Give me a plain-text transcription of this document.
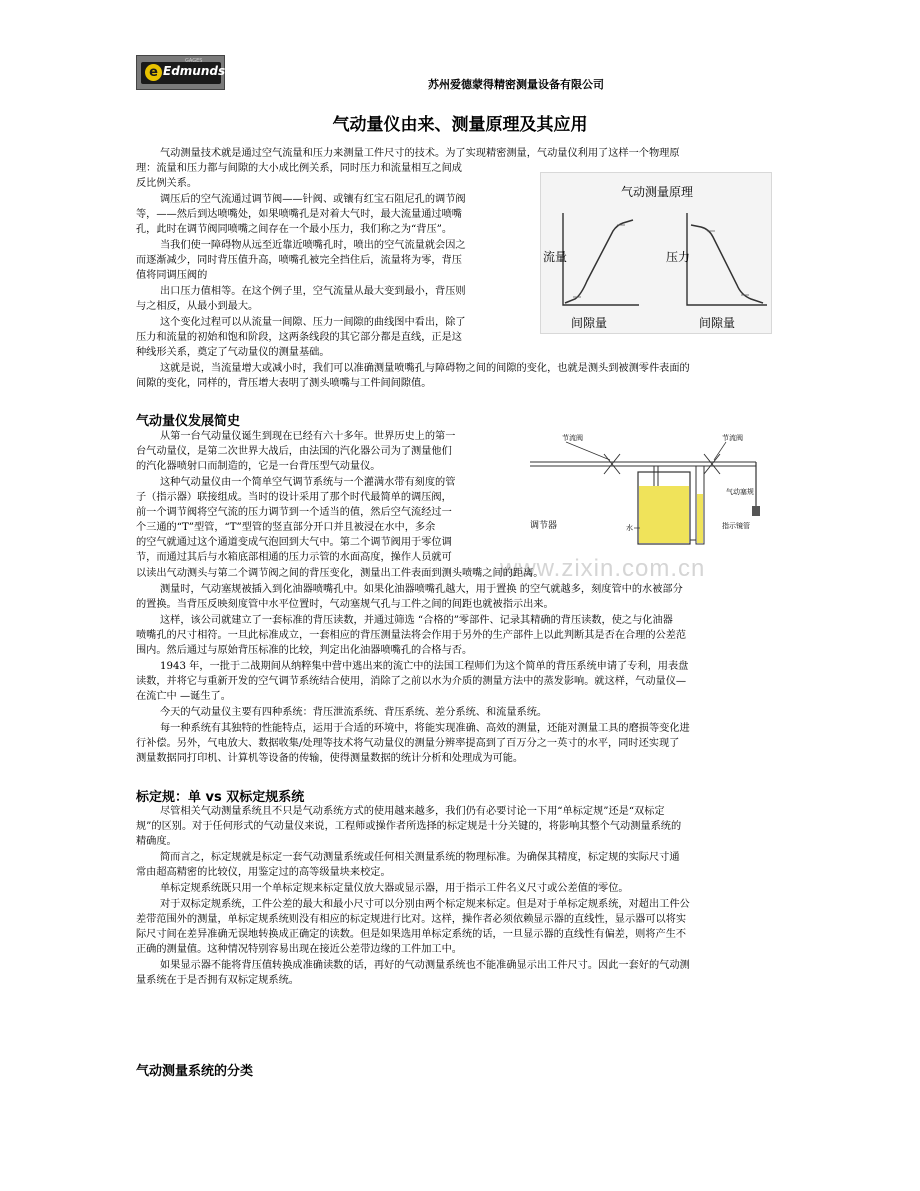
e
GAGES
Edmunds
苏州爱德蒙得精密测量设备有限公司
气动量仪由来、测量原理及其应用
气动测量技术就是通过空气流量和压力来测量工件尺寸的技术。为了实现精密测量，气动量仪利用了这样一个物理原
理：流量和压力都与间隙的大小成比例关系，同时压力和流量相互之间成
反比例关系。
调压后的空气流通过调节阀——针阀、或镶有红宝石阻尼孔的调节阀
等，——然后到达喷嘴处，如果喷嘴孔是对着大气时，最大流量通过喷嘴
孔，此时在调节阀同喷嘴之间存在一个最小压力，我们称之为“背压”。
当我们使一障碍物从远至近靠近喷嘴孔时，喷出的空气流量就会因之
而逐渐减少，同时背压值升高，喷嘴孔被完全挡住后，流量将为零，背压
值将同调压阀的
出口压力值相等。在这个例子里，空气流量从最大变到最小，背压则
与之相反，从最小到最大。
这个变化过程可以从流量一间隙、压力一间隙的曲线图中看出，除了
压力和流量的初始和饱和阶段，这两条线段的其它部分都是直线，正是这
种线形关系，奠定了气动量仪的测量基础。
这就是说，当流量增大或减小时，我们可以准确测量喷嘴孔与障碍物之间的间隙的变化，也就是测头到被测零件表面的
间隙的变化，同样的，背压增大表明了测头喷嘴与工件间间隙值。
气动测量原理
流量
间隙量
压力
间隙量
气动量仪发展简史
节流阀	节流阀
气动塞规
指示镜管
调节器	水
www.zixin.com.cn
从第一台气动量仪诞生到现在已经有六十多年。世界历史上的第一
台气动量仪，是第二次世界大战后，由法国的汽化器公司为了测量他们
的汽化器喷射口而制造的，它是一台背压型气动量仪。
这种气动量仪由一个简单空气调节系统与一个灌满水带有刻度的管
子（指示器）联接组成。当时的设计采用了那个时代最简单的调压阀，
前一个调节阀将空气流的压力调节到一个适当的值，然后空气流经过一
个三通的“T”型管，“T”型管的竖直部分开口并且被浸在水中，多余
的空气就通过这个通道变成气泡回到大气中。第二个调节阀用于零位调
节，而通过其后与水箱底部相通的压力示管的水面高度，操作人员就可
以读出气动测头与第二个调节阀之间的背压变化，测量出工件表面到测头喷嘴之间的距离。
测量时，气动塞规被插入到化油器喷嘴孔中。如果化油器喷嘴孔越大，用于置换 的空气就越多，刻度管中的水被部分
的置换。当背压反映刻度管中水平位置时，气动塞规气孔与工件之间的间距也就被指示出来。
这样，该公司就建立了一套标准的背压读数，并通过筛选 “合格的”零部件、记录其精确的背压读数，使之与化油器
喷嘴孔的尺寸相符。一旦此标准成立，一套相应的背压测量法将会作用于另外的生产部件上以此判断其是否在合理的公差范
围内。然后通过与原始背压标准的比较，判定出化油器喷嘴孔的合格与否。
1943 年，一批于二战期间从纳粹集中营中逃出来的流亡中的法国工程师们为这个简单的背压系统申请了专利，用表盘
读数，并将它与重新开发的空气调节系统结合使用，消除了之前以水为介质的测量方法中的蒸发影响。就这样，气动量仪—
在流亡中 —诞生了。
今天的气动量仪主要有四种系统：背压泄流系统、背压系统、差分系统、和流量系统。
每一种系统有其独特的性能特点，运用于合适的环境中，将能实现准确、高效的测量，还能对测量工具的磨损等变化进
行补偿。另外，气电放大、数据收集/处理等技术将气动量仪的测量分辨率提高到了百万分之一英寸的水平，同时还实现了
测量数据同打印机、计算机等设备的传输，使得测量数据的统计分析和处理成为可能。
标定规：单 vs 双标定规系统
尽管相关气动测量系统且不只是气动系统方式的使用越来越多，我们仍有必要讨论一下用“单标定规”还是“双标定
规”的区别。对于任何形式的气动量仪来说，工程师或操作者所选择的标定规是十分关键的，将影响其整个气动测量系统的
精确度。
简而言之，标定规就是标定一套气动测量系统或任何相关测量系统的物理标准。为确保其精度，标定规的实际尺寸通
常由超高精密的比较仪，用鉴定过的高等级量块来校定。
单标定规系统既只用一个单标定规来标定量仪放大器或显示器，用于指示工件名义尺寸或公差值的零位。
对于双标定规系统，工件公差的最大和最小尺寸可以分别由两个标定规来标定。但是对于单标定规系统，对超出工件公
差带范围外的测量，单标定规系统则没有相应的标定规进行比对。这样，操作者必须依赖显示器的直线性，显示器可以将实
际尺寸间在差异准确无误地转换成正确定的读数。但是如果选用单标定系统的话，一旦显示器的直线性有偏差，则将产生不
正确的测量值。这种情况特别容易出现在接近公差带边缘的工件加工中。
如果显示器不能将背压值转换成准确读数的话，再好的气动测量系统也不能准确显示出工件尺寸。因此一套好的气动测
量系统在于是否拥有双标定规系统。
气动测量系统的分类
